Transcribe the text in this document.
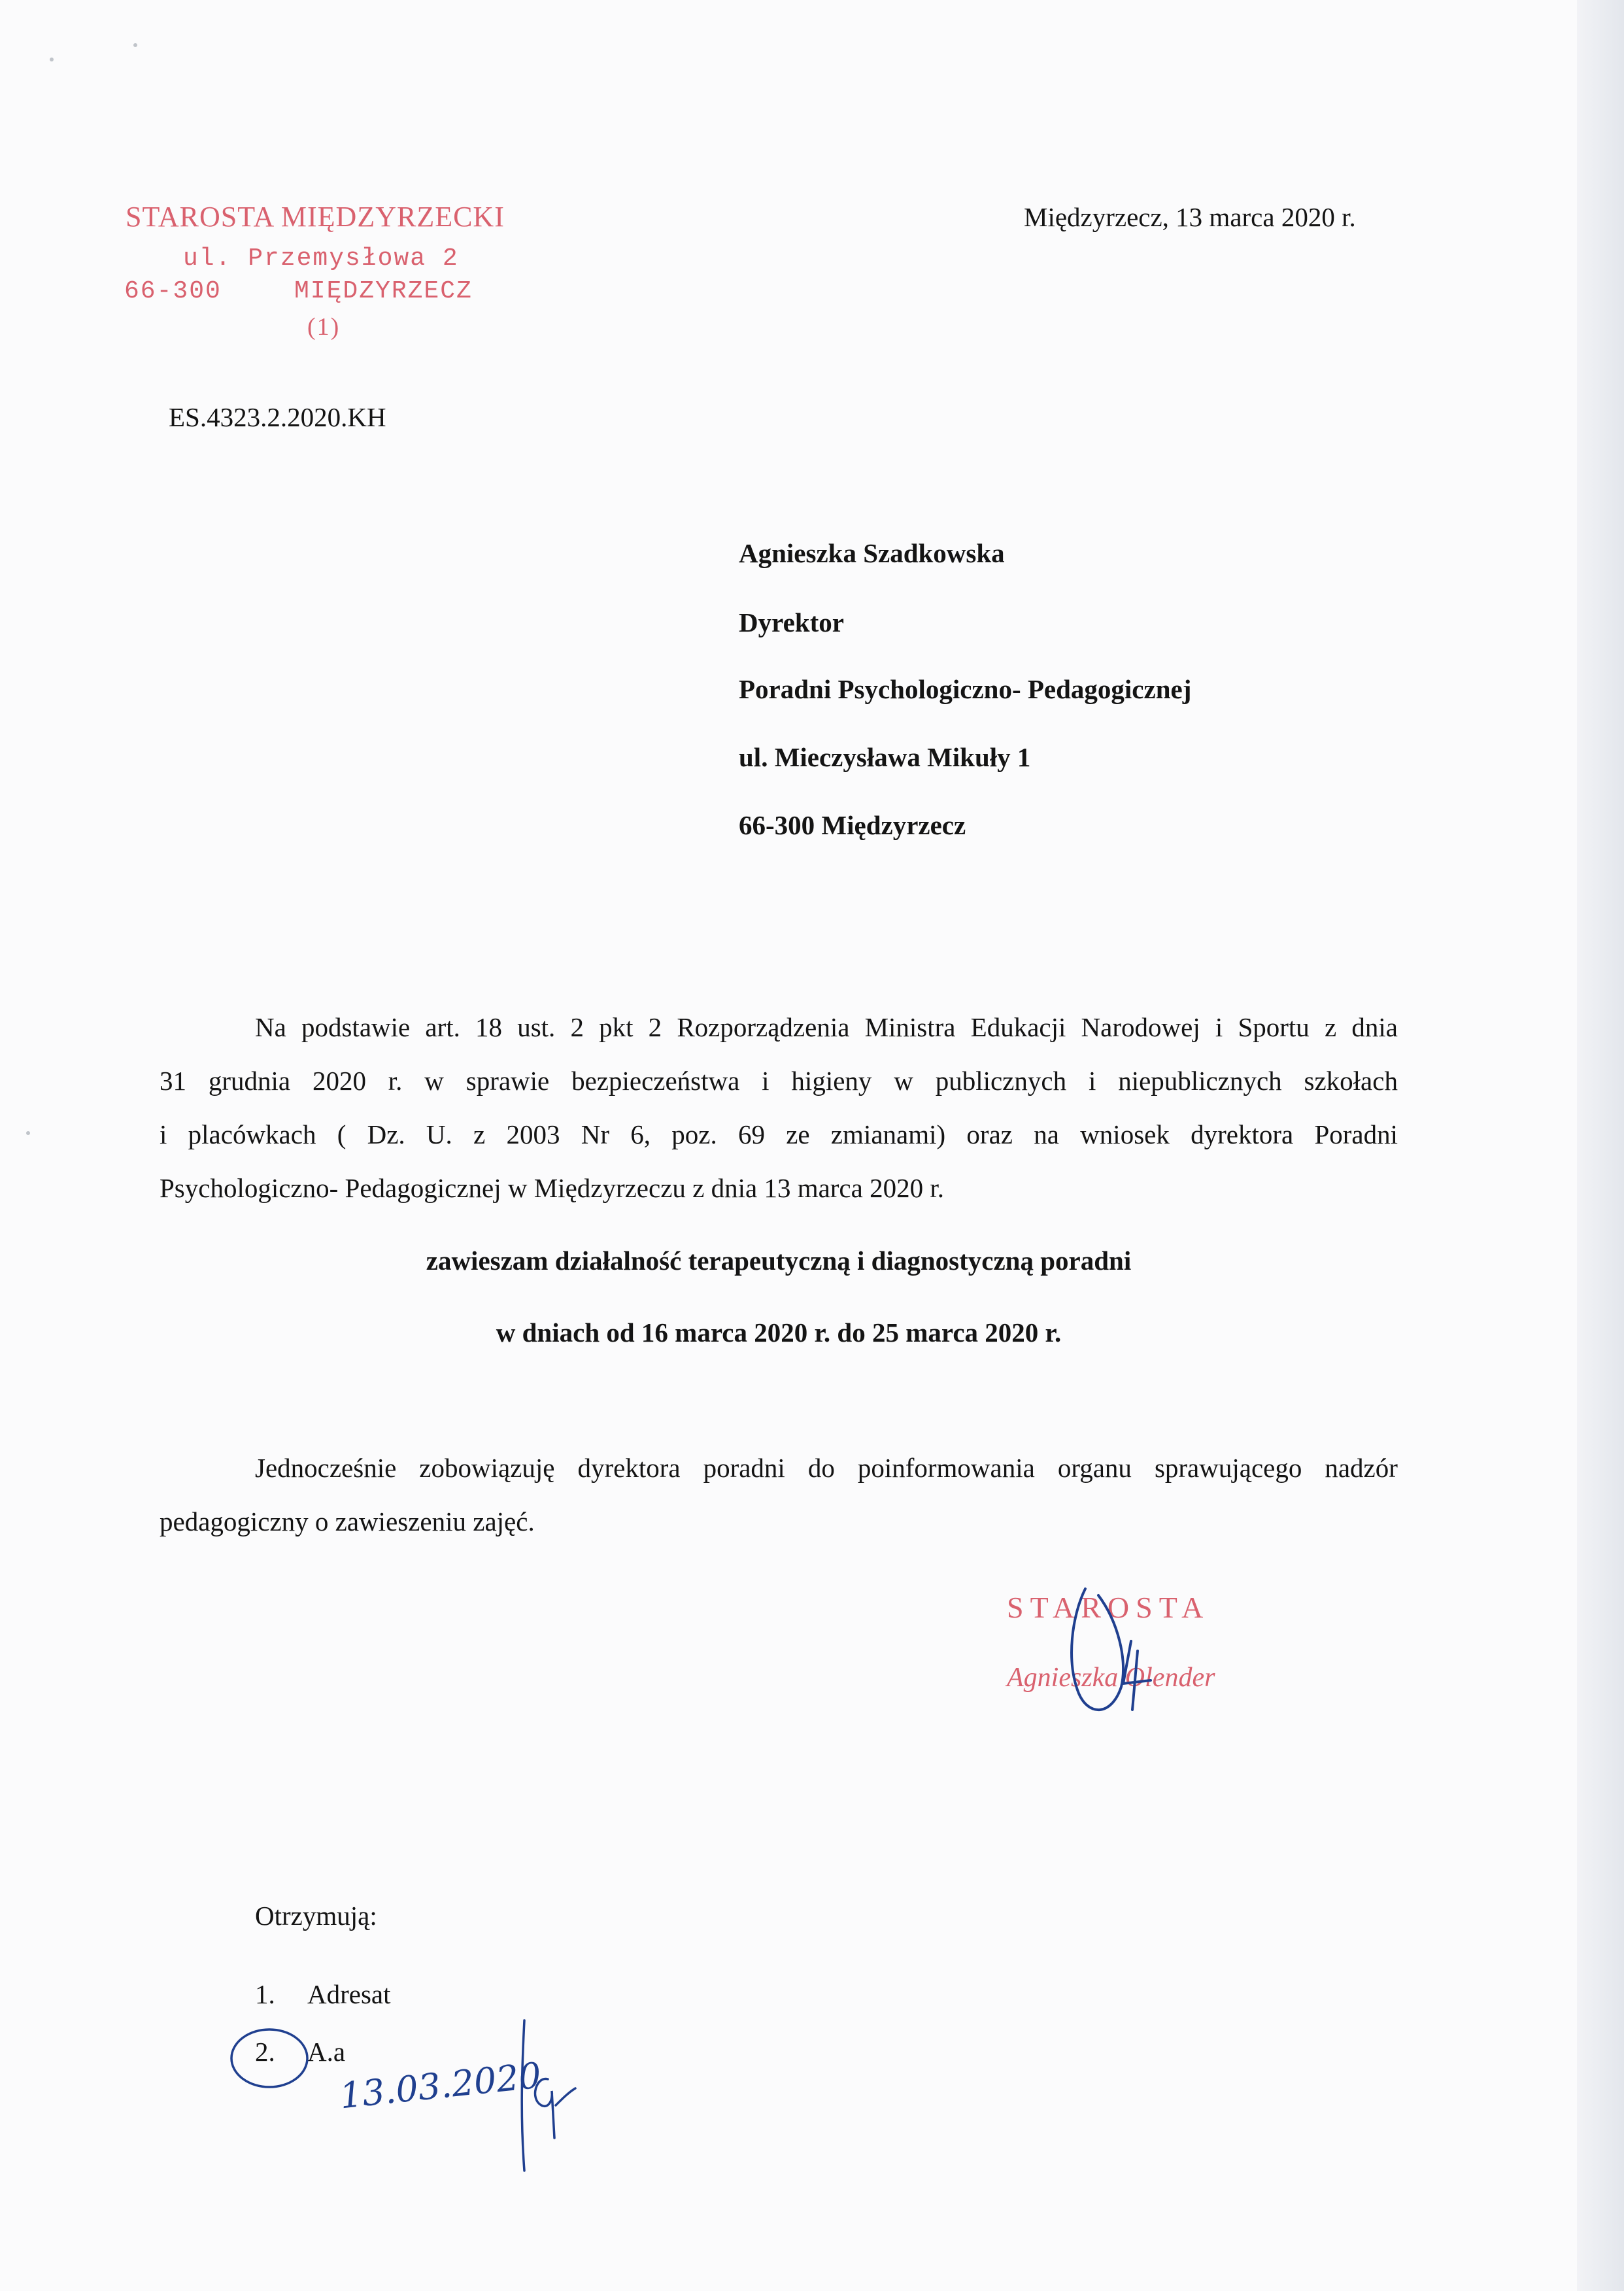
STAROSTA MIĘDZYRZECKI
ul. Przemysłowa 2
66-300	MIĘDZYRZECZ
(1)
Międzyrzecz, 13 marca 2020 r.
ES.4323.2.2020.KH
Agnieszka Szadkowska
Dyrektor
Poradni Psychologiczno- Pedagogicznej
ul. Mieczysława Mikuły 1
66-300 Międzyrzecz
Na podstawie art. 18 ust. 2 pkt 2 Rozporządzenia Ministra Edukacji Narodowej i Sportu z dnia
31 grudnia 2020 r. w sprawie bezpieczeństwa i higieny w publicznych i niepublicznych szkołach
i placówkach ( Dz. U. z 2003 Nr 6, poz. 69 ze zmianami) oraz na wniosek dyrektora Poradni
Psychologiczno- Pedagogicznej w Międzyrzeczu z dnia 13 marca 2020 r.
zawieszam działalność terapeutyczną i diagnostyczną poradni
w dniach od 16 marca 2020 r. do 25 marca 2020 r.
Jednocześnie zobowiązuję dyrektora poradni do poinformowania organu sprawującego nadzór
pedagogiczny o zawieszeniu zajęć.
STAROSTA
Agnieszka Olender
Otrzymują:
1. Adresat
2. A.a
13.03.2020
